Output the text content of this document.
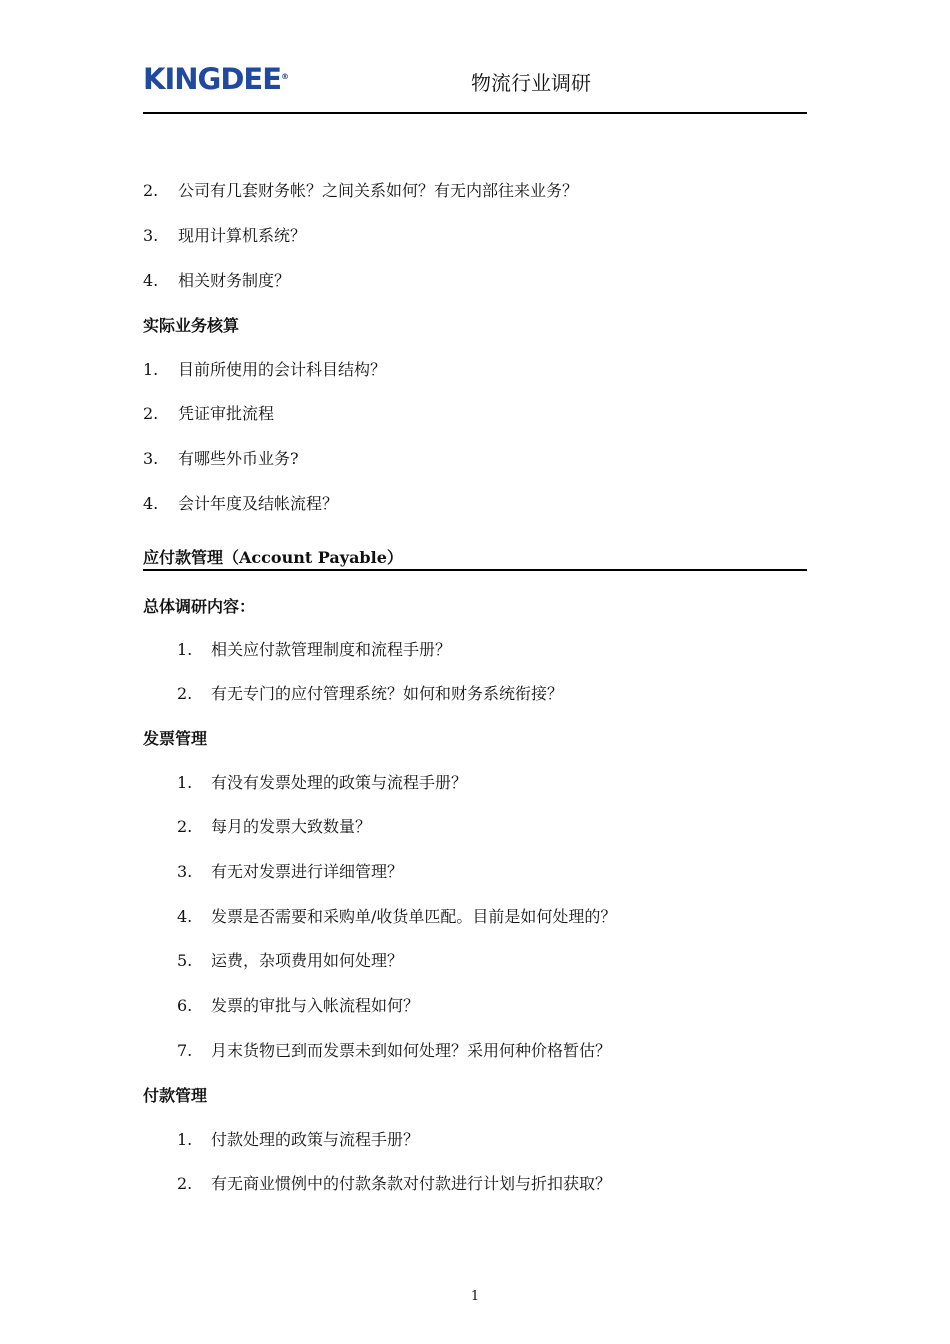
KINGDEE®	物流行业调研
2. 公司有几套财务帐？之间关系如何？有无内部往来业务？
3. 现用计算机系统？
4. 相关财务制度？
实际业务核算
1. 目前所使用的会计科目结构？
2. 凭证审批流程
3. 有哪些外币业务?
4. 会计年度及结帐流程？
应付款管理（Account Payable）
总体调研内容：
1. 相关应付款管理制度和流程手册？
2. 有无专门的应付管理系统？如何和财务系统衔接？
发票管理
1. 有没有发票处理的政策与流程手册？
2. 每月的发票大致数量？
3. 有无对发票进行详细管理？
4. 发票是否需要和采购单/收货单匹配。目前是如何处理的？
5. 运费，杂项费用如何处理？
6. 发票的审批与入帐流程如何？
7. 月末货物已到而发票未到如何处理？采用何种价格暂估？
付款管理
1. 付款处理的政策与流程手册？
2. 有无商业惯例中的付款条款对付款进行计划与折扣获取？
1
